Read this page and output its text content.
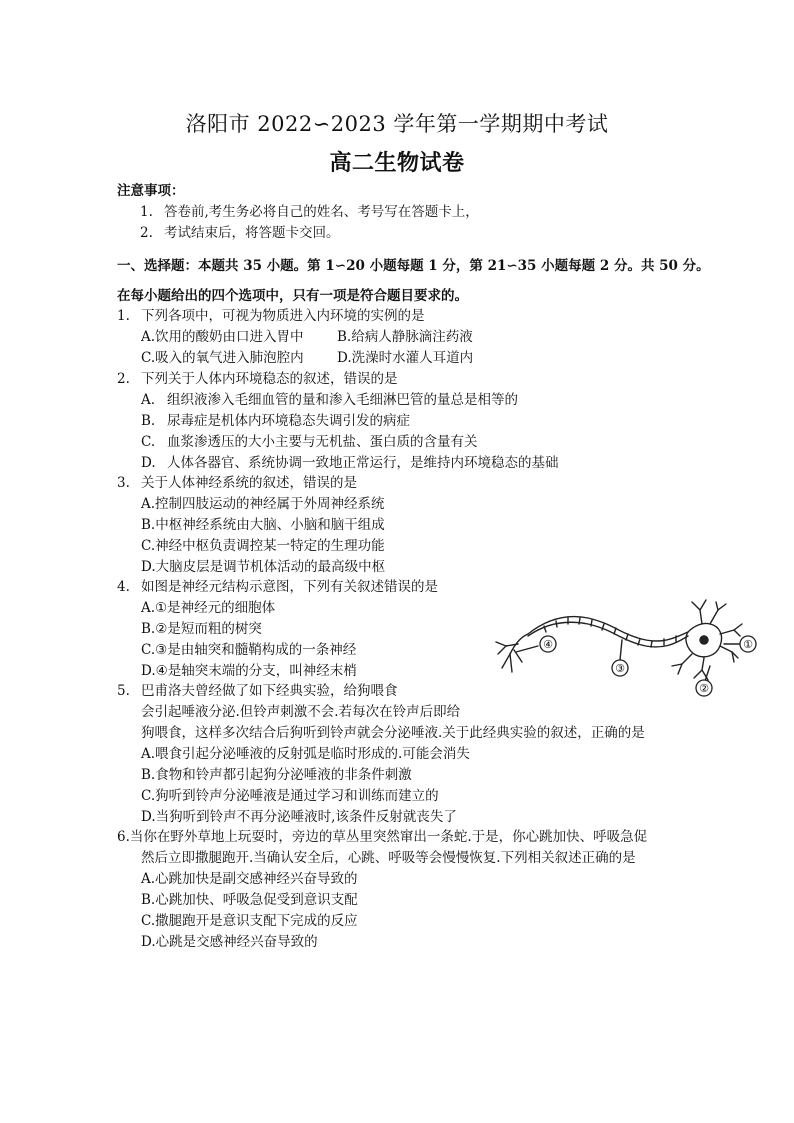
洛阳市 2022∽2023 学年第一学期期中考试
高二生物试卷
注意事项：
1. 答卷前,考生务必将自己的姓名、考号写在答题卡上，
2. 考试结束后，将答题卡交回。
一、选择题：本题共 35 小题。第 1∽20 小题每题 1 分，第 21∽35 小题每题 2 分。共 50 分。
在每小题给出的四个选项中，只有一项是符合题目要求的。
1. 下列各项中，可视为物质进入内环境的实例的是
A.饮用的酸奶由口进入胃中 B.给病人静脉滴注药液
C.吸入的氧气进入肺泡腔内 D.洗澡时水灌人耳道内
2. 下列关于人体内环境稳态的叙述，错误的是
A. 组织液渗入毛细血管的量和渗入毛细淋巴管的量总是相等的
B. 尿毒症是机体内环境稳态失调引发的病症
C. 血浆渗透压的大小主要与无机盐、蛋白质的含量有关
D. 人体各器官、系统协调一致地正常运行，是维持内环境稳态的基础
3. 关于人体神经系统的叙述，错误的是
A.控制四肢运动的神经属于外周神经系统
B.中枢神经系统由大脑、小脑和脑干组成
C.神经中枢负责调控某一特定的生理功能
D.大脑皮层是调节机体活动的最高级中枢
4. 如图是神经元结构示意图，下列有关叙述错误的是
A.①是神经元的细胞体
B.②是短而粗的树突
C.③是由轴突和髓鞘构成的一条神经
D.④是轴突末端的分支，叫神经末梢
①
②
③
④
5. 巴甫洛夫曾经做了如下经典实验，给狗喂食
会引起唾液分泌.但铃声刺激不会.若每次在铃声后即给
狗喂食，这样多次结合后狗听到铃声就会分泌唾液.关于此经典实验的叙述，正确的是
A.喂食引起分泌唾液的反射弧是临时形成的.可能会消失
B.食物和铃声都引起狗分泌唾液的非条件刺激
C.狗听到铃声分泌唾液是通过学习和训练而建立的
D.当狗听到铃声不再分泌唾液时,该条件反射就丧失了
6.当你在野外草地上玩耍时，旁边的草丛里突然窜出一条蛇.于是，你心跳加快、呼吸急促
然后立即撒腿跑开.当确认安全后，心跳、呼吸等会慢慢恢复.下列相关叙述正确的是
A.心跳加快是副交感神经兴奋导致的
B.心跳加快、呼吸急促受到意识支配
C.撒腿跑开是意识支配下完成的反应
D.心跳是交感神经兴奋导致的
